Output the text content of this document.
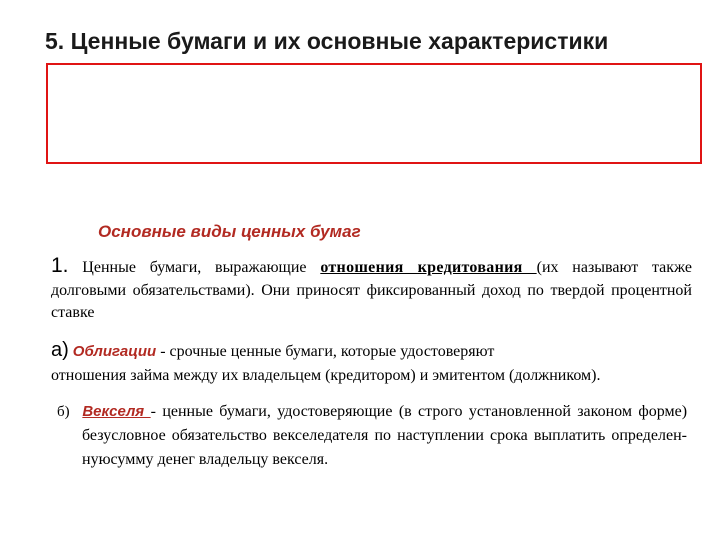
5. Ценные бумаги и их основные характеристики
Основные виды ценных бумаг
1. Ценные бумаги, выражающие отношения кредитования (их называют также долговыми обязательствами). Они приносят фиксированный доход по твердой процентной ставке
а) Облигации - срочные ценные бумаги, которые удостоверяют
отношения займа между их владельцем (кредитором) и эмитентом (должником).
б) Векселя - ценные бумаги, удостоверяющие (в строго установленной законом форме) безусловное обязательство векселедателя по наступлении срока выплатить определен-нуюсумму денег владельцу векселя.
